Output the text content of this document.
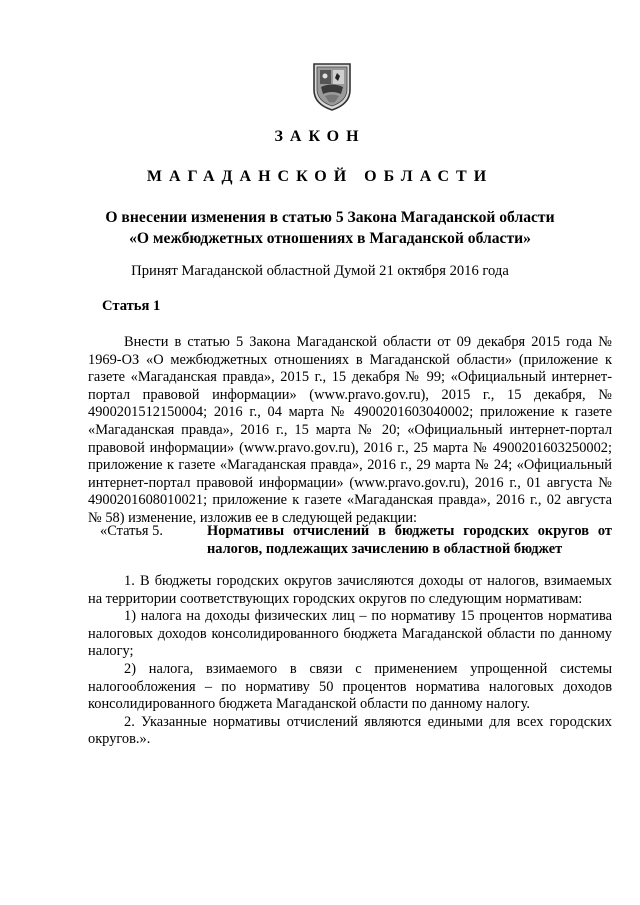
ЗАКОН
МАГАДАНСКОЙ ОБЛАСТИ
О внесении изменения в статью 5 Закона Магаданской области
«О межбюджетных отношениях в Магаданской области»
Принят Магаданской областной Думой 21 октября 2016 года
Статья 1

Внести в статью 5 Закона Магаданской области от 09 декабря 2015 года № 1969-ОЗ «О межбюджетных отношениях в Магаданской области» (приложение к газете «Магаданская правда», 2015 г., 15 декабря № 99; «Официальный интернет-портал правовой информации» (www.pravo.gov.ru), 2015 г., 15 декабря, № 4900201512150004; 2016 г., 04 марта № 4900201603040002; приложение к газете «Магаданская правда», 2016 г., 15 марта № 20; «Официальный интернет-портал правовой информации» (www.pravo.gov.ru), 2016 г., 25 марта № 4900201603250002; приложение к газете «Магаданская правда», 2016 г., 29 марта № 24; «Официальный интернет-портал правовой информации» (www.pravo.gov.ru), 2016 г., 01 августа № 4900201608010021; приложение к газете «Магаданская правда», 2016 г., 02 августа № 58) изменение, изложив ее в следующей редакции:

«Статья 5.	Нормативы отчислений в бюджеты городских округов от налогов, подлежащих зачислению в областной бюджет

1. В бюджеты городских округов зачисляются доходы от налогов, взимаемых на территории соответствующих городских округов по следующим нормативам:

1) налога на доходы физических лиц – по нормативу 15 процентов норматива налоговых доходов консолидированного бюджета Магаданской области по данному налогу;

2) налога, взимаемого в связи с применением упрощенной системы налогообложения – по нормативу 50 процентов норматива налоговых доходов консолидированного бюджета Магаданской области по данному налогу.

2. Указанные нормативы отчислений являются едиными для всех городских округов.».
